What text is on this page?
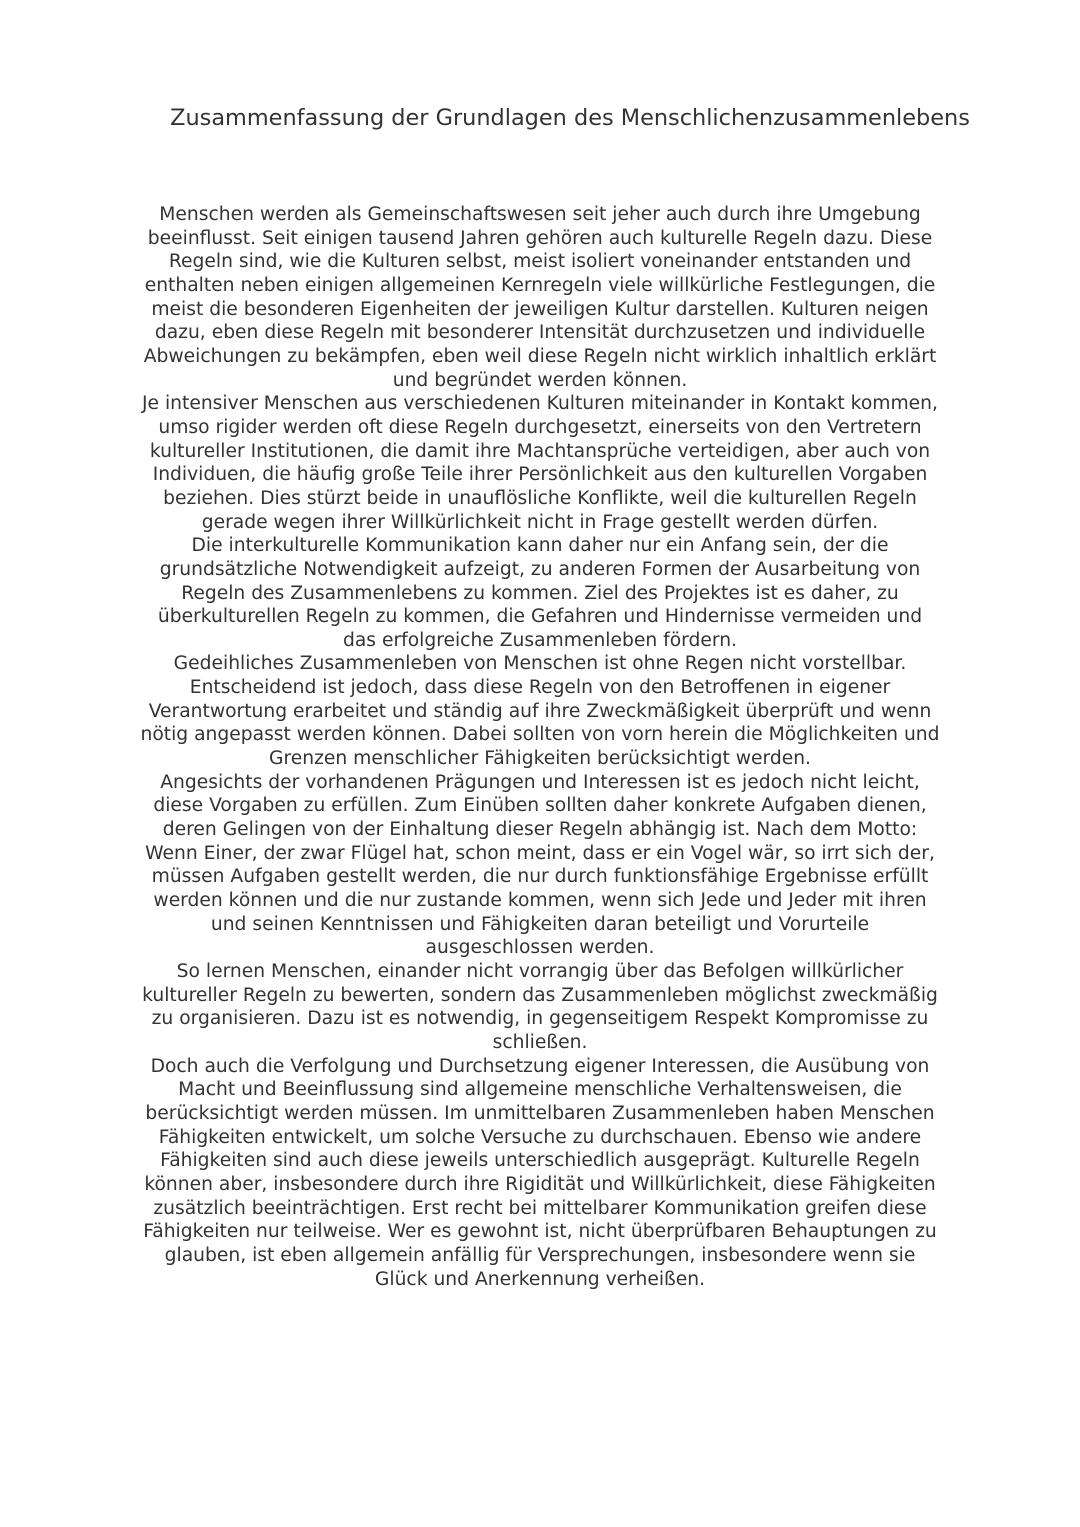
Zusammenfassung der Grundlagen des Menschlichenzusammenlebens
Menschen werden als Gemeinschaftswesen seit jeher auch durch ihre Umgebung
beeinflusst. Seit einigen tausend Jahren gehören auch kulturelle Regeln dazu. Diese
Regeln sind, wie die Kulturen selbst, meist isoliert voneinander entstanden und
enthalten neben einigen allgemeinen Kernregeln viele willkürliche Festlegungen, die
meist die besonderen Eigenheiten der jeweiligen Kultur darstellen. Kulturen neigen
dazu, eben diese Regeln mit besonderer Intensität durchzusetzen und individuelle
Abweichungen zu bekämpfen, eben weil diese Regeln nicht wirklich inhaltlich erklärt
und begründet werden können.
Je intensiver Menschen aus verschiedenen Kulturen miteinander in Kontakt kommen,
umso rigider werden oft diese Regeln durchgesetzt, einerseits von den Vertretern
kultureller Institutionen, die damit ihre Machtansprüche verteidigen, aber auch von
Individuen, die häufig große Teile ihrer Persönlichkeit aus den kulturellen Vorgaben
beziehen. Dies stürzt beide in unauflösliche Konflikte, weil die kulturellen Regeln
gerade wegen ihrer Willkürlichkeit nicht in Frage gestellt werden dürfen.
Die interkulturelle Kommunikation kann daher nur ein Anfang sein, der die
grundsätzliche Notwendigkeit aufzeigt, zu anderen Formen der Ausarbeitung von
Regeln des Zusammenlebens zu kommen. Ziel des Projektes ist es daher, zu
überkulturellen Regeln zu kommen, die Gefahren und Hindernisse vermeiden und
das erfolgreiche Zusammenleben fördern.
Gedeihliches Zusammenleben von Menschen ist ohne Regen nicht vorstellbar.
Entscheidend ist jedoch, dass diese Regeln von den Betroffenen in eigener
Verantwortung erarbeitet und ständig auf ihre Zweckmäßigkeit überprüft und wenn
nötig angepasst werden können. Dabei sollten von vorn herein die Möglichkeiten und
Grenzen menschlicher Fähigkeiten berücksichtigt werden.
Angesichts der vorhandenen Prägungen und Interessen ist es jedoch nicht leicht,
diese Vorgaben zu erfüllen. Zum Einüben sollten daher konkrete Aufgaben dienen,
deren Gelingen von der Einhaltung dieser Regeln abhängig ist. Nach dem Motto:
Wenn Einer, der zwar Flügel hat, schon meint, dass er ein Vogel wär, so irrt sich der,
müssen Aufgaben gestellt werden, die nur durch funktionsfähige Ergebnisse erfüllt
werden können und die nur zustande kommen, wenn sich Jede und Jeder mit ihren
und seinen Kenntnissen und Fähigkeiten daran beteiligt und Vorurteile
ausgeschlossen werden.
So lernen Menschen, einander nicht vorrangig über das Befolgen willkürlicher
kultureller Regeln zu bewerten, sondern das Zusammenleben möglichst zweckmäßig
zu organisieren. Dazu ist es notwendig, in gegenseitigem Respekt Kompromisse zu
schließen.
Doch auch die Verfolgung und Durchsetzung eigener Interessen, die Ausübung von
Macht und Beeinflussung sind allgemeine menschliche Verhaltensweisen, die
berücksichtigt werden müssen. Im unmittelbaren Zusammenleben haben Menschen
Fähigkeiten entwickelt, um solche Versuche zu durchschauen. Ebenso wie andere
Fähigkeiten sind auch diese jeweils unterschiedlich ausgeprägt. Kulturelle Regeln
können aber, insbesondere durch ihre Rigidität und Willkürlichkeit, diese Fähigkeiten
zusätzlich beeinträchtigen. Erst recht bei mittelbarer Kommunikation greifen diese
Fähigkeiten nur teilweise. Wer es gewohnt ist, nicht überprüfbaren Behauptungen zu
glauben, ist eben allgemein anfällig für Versprechungen, insbesondere wenn sie
Glück und Anerkennung verheißen.
